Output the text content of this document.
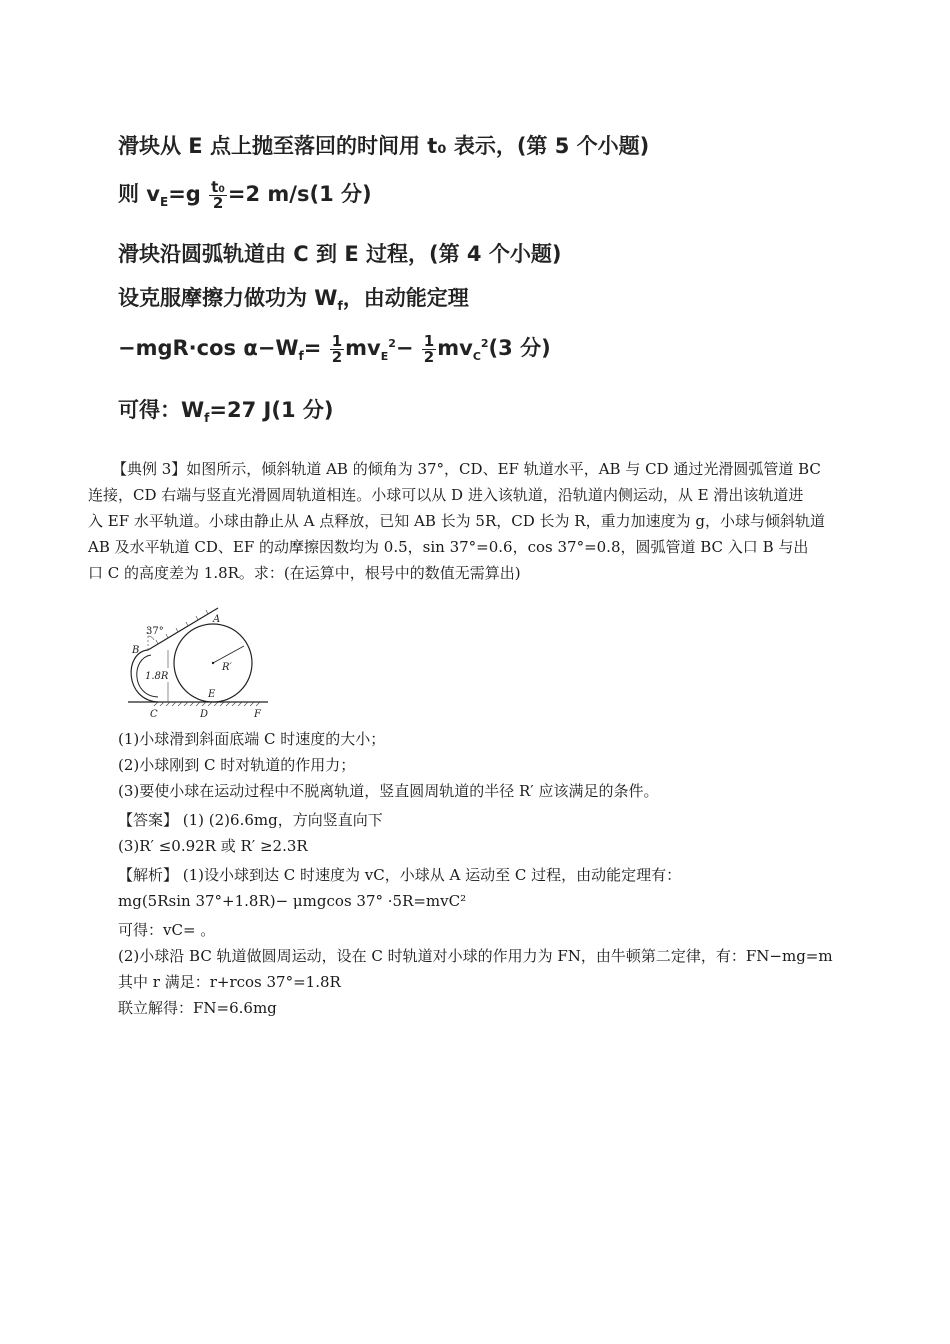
滑块从 E 点上抛至落回的时间用 t₀ 表示，(第 5 个小题)
则 $v_E=g \frac{\text{t₀}}{2} =2$ m/s(1 分)
滑块沿圆弧轨道由 C 到 E 过程，(第 4 个小题)
设克服摩擦力做功为 $W_f$，由动能定理
−mgR·cos $\alpha-W_f= \frac{1}{2} mv_E^2- \frac{1}{2} mv_C^2(3$ 分)
可得：$W_f=27$ J(1 分)
【典例 3】如图所示，倾斜轨道 AB 的倾角为 37°，CD、EF 轨道水平，AB 与 CD 通过光滑圆弧管道 BC
连接，CD 右端与竖直光滑圆周轨道相连。小球可以从 D 进入该轨道，沿轨道内侧运动，从 E 滑出该轨道进
入 EF 水平轨道。小球由静止从 A 点释放，已知 AB 长为 5R，CD 长为 R，重力加速度为 g，小球与倾斜轨道
AB 及水平轨道 CD、EF 的动摩擦因数均为 0.5，sin 37°=0.6，cos 37°=0.8，圆弧管道 BC 入口 B 与出
口 C 的高度差为 1.8R。求：(在运算中，根号中的数值无需算出)
A
B
C	D
E
F
37°
1.8R
R′
(1)小球滑到斜面底端 C 时速度的大小；
(2)小球刚到 C 时对轨道的作用力；
(3)要使小球在运动过程中不脱离轨道，竖直圆周轨道的半径 R′ 应该满足的条件。
【答案】 (1) (2)6.6mg，方向竖直向下
(3)R′ ≤0.92R 或 R′ ≥2.3R
【解析】 (1)设小球到达 C 时速度为 vC，小球从 A 运动至 C 过程，由动能定理有：
mg(5Rsin 37°+1.8R)− μmgcos 37° ·5R=mvC²
可得：vC= 。
(2)小球沿 BC 轨道做圆周运动，设在 C 时轨道对小球的作用力为 FN，由牛顿第二定律，有：FN−mg=m
其中 r 满足：r+rcos 37°=1.8R
联立解得：FN=6.6mg
